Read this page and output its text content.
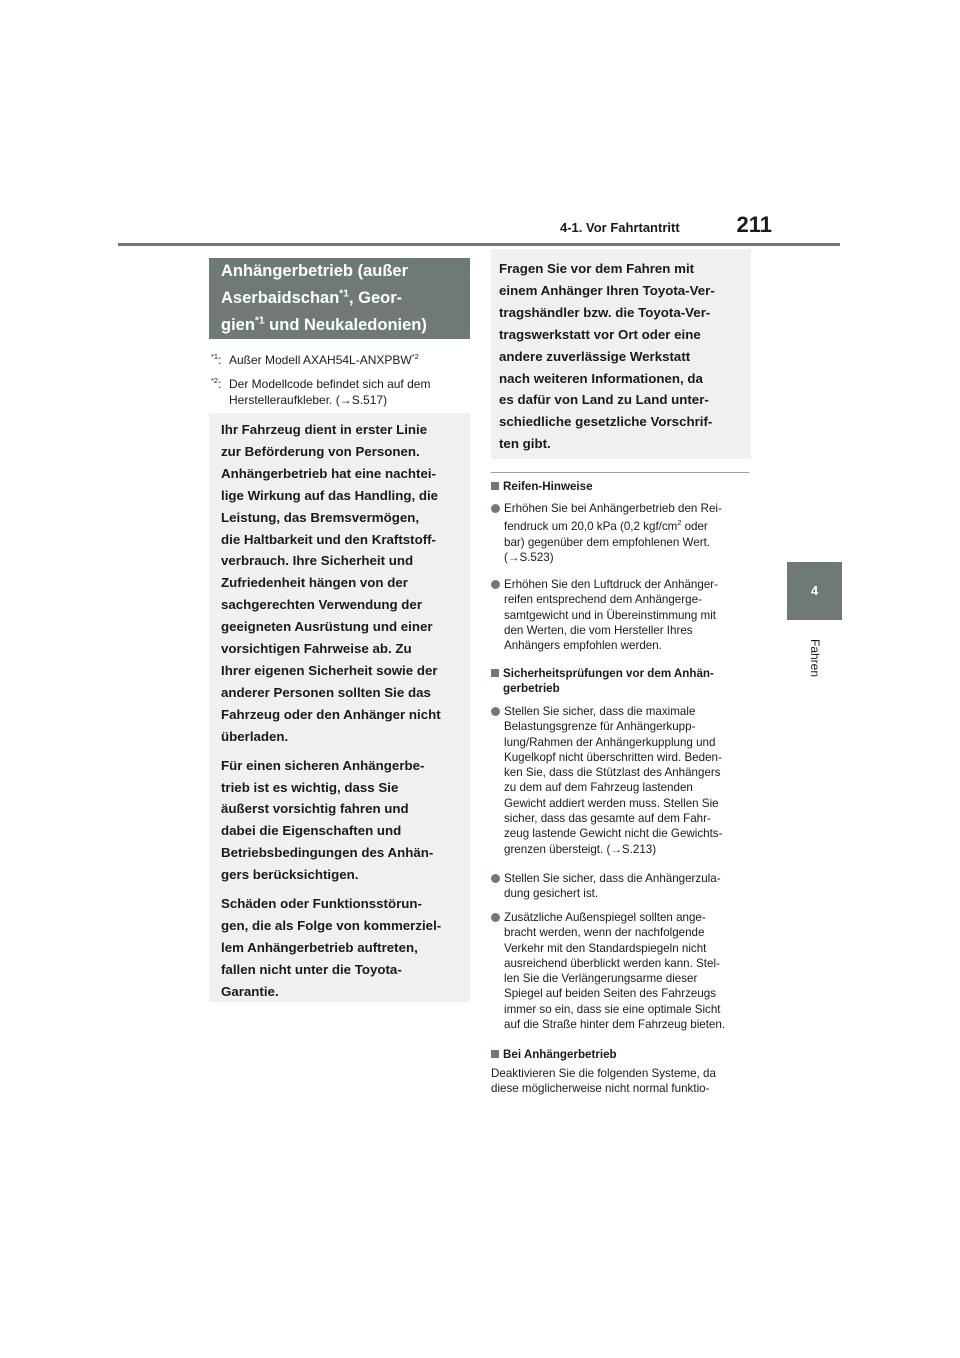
4-1. Vor Fahrtantritt	211
4
Fahren
Anhängerbetrieb (außer
Aserbaidschan$^{*1}$, Geor-
gien$^{*1}$ und Neukaledonien)
$^{*1}$: Außer Modell AXAH54L-ANXPBW$^{*2}$
$^{*2}$: Der Modellcode befindet sich auf dem
Herstelleraufkleber. (→S.517)
Ihr Fahrzeug dient in erster Linie
zur Beförderung von Personen.
Anhängerbetrieb hat eine nachtei-
lige Wirkung auf das Handling, die
Leistung, das Bremsvermögen,
die Haltbarkeit und den Kraftstoff-
verbrauch. Ihre Sicherheit und
Zufriedenheit hängen von der
sachgerechten Verwendung der
geeigneten Ausrüstung und einer
vorsichtigen Fahrweise ab. Zu
Ihrer eigenen Sicherheit sowie der
anderer Personen sollten Sie das
Fahrzeug oder den Anhänger nicht
überladen.
Für einen sicheren Anhängerbe-
trieb ist es wichtig, dass Sie
äußerst vorsichtig fahren und
dabei die Eigenschaften und
Betriebsbedingungen des Anhän-
gers berücksichtigen.
Schäden oder Funktionsstörun-
gen, die als Folge von kommerziel-
lem Anhängerbetrieb auftreten,
fallen nicht unter die Toyota-
Garantie.
Fragen Sie vor dem Fahren mit
einem Anhänger Ihren Toyota-Ver-
tragshändler bzw. die Toyota-Ver-
tragswerkstatt vor Ort oder eine
andere zuverlässige Werkstatt
nach weiteren Informationen, da
es dafür von Land zu Land unter-
schiedliche gesetzliche Vorschrif-
ten gibt.
Reifen-Hinweise
Erhöhen Sie bei Anhängerbetrieb den Rei-
fendruck um 20,0 kPa (0,2 kgf/$cm^2$ oder
bar) gegenüber dem empfohlenen Wert.
(→S.523)
Erhöhen Sie den Luftdruck der Anhänger-
reifen entsprechend dem Anhängerge-
samtgewicht und in Übereinstimmung mit
den Werten, die vom Hersteller Ihres
Anhängers empfohlen werden.
Sicherheitsprüfungen vor dem Anhän-
gerbetrieb
Stellen Sie sicher, dass die maximale
Belastungsgrenze für Anhängerkupp-
lung/Rahmen der Anhängerkupplung und
Kugelkopf nicht überschritten wird. Beden-
ken Sie, dass die Stützlast des Anhängers
zu dem auf dem Fahrzeug lastenden
Gewicht addiert werden muss. Stellen Sie
sicher, dass das gesamte auf dem Fahr-
zeug lastende Gewicht nicht die Gewichts-
grenzen übersteigt. (→S.213)
Stellen Sie sicher, dass die Anhängerzula-
dung gesichert ist.
Zusätzliche Außenspiegel sollten ange-
bracht werden, wenn der nachfolgende
Verkehr mit den Standardspiegeln nicht
ausreichend überblickt werden kann. Stel-
len Sie die Verlängerungsarme dieser
Spiegel auf beiden Seiten des Fahrzeugs
immer so ein, dass sie eine optimale Sicht
auf die Straße hinter dem Fahrzeug bieten.
Bei Anhängerbetrieb
Deaktivieren Sie die folgenden Systeme, da
diese möglicherweise nicht normal funktio-
